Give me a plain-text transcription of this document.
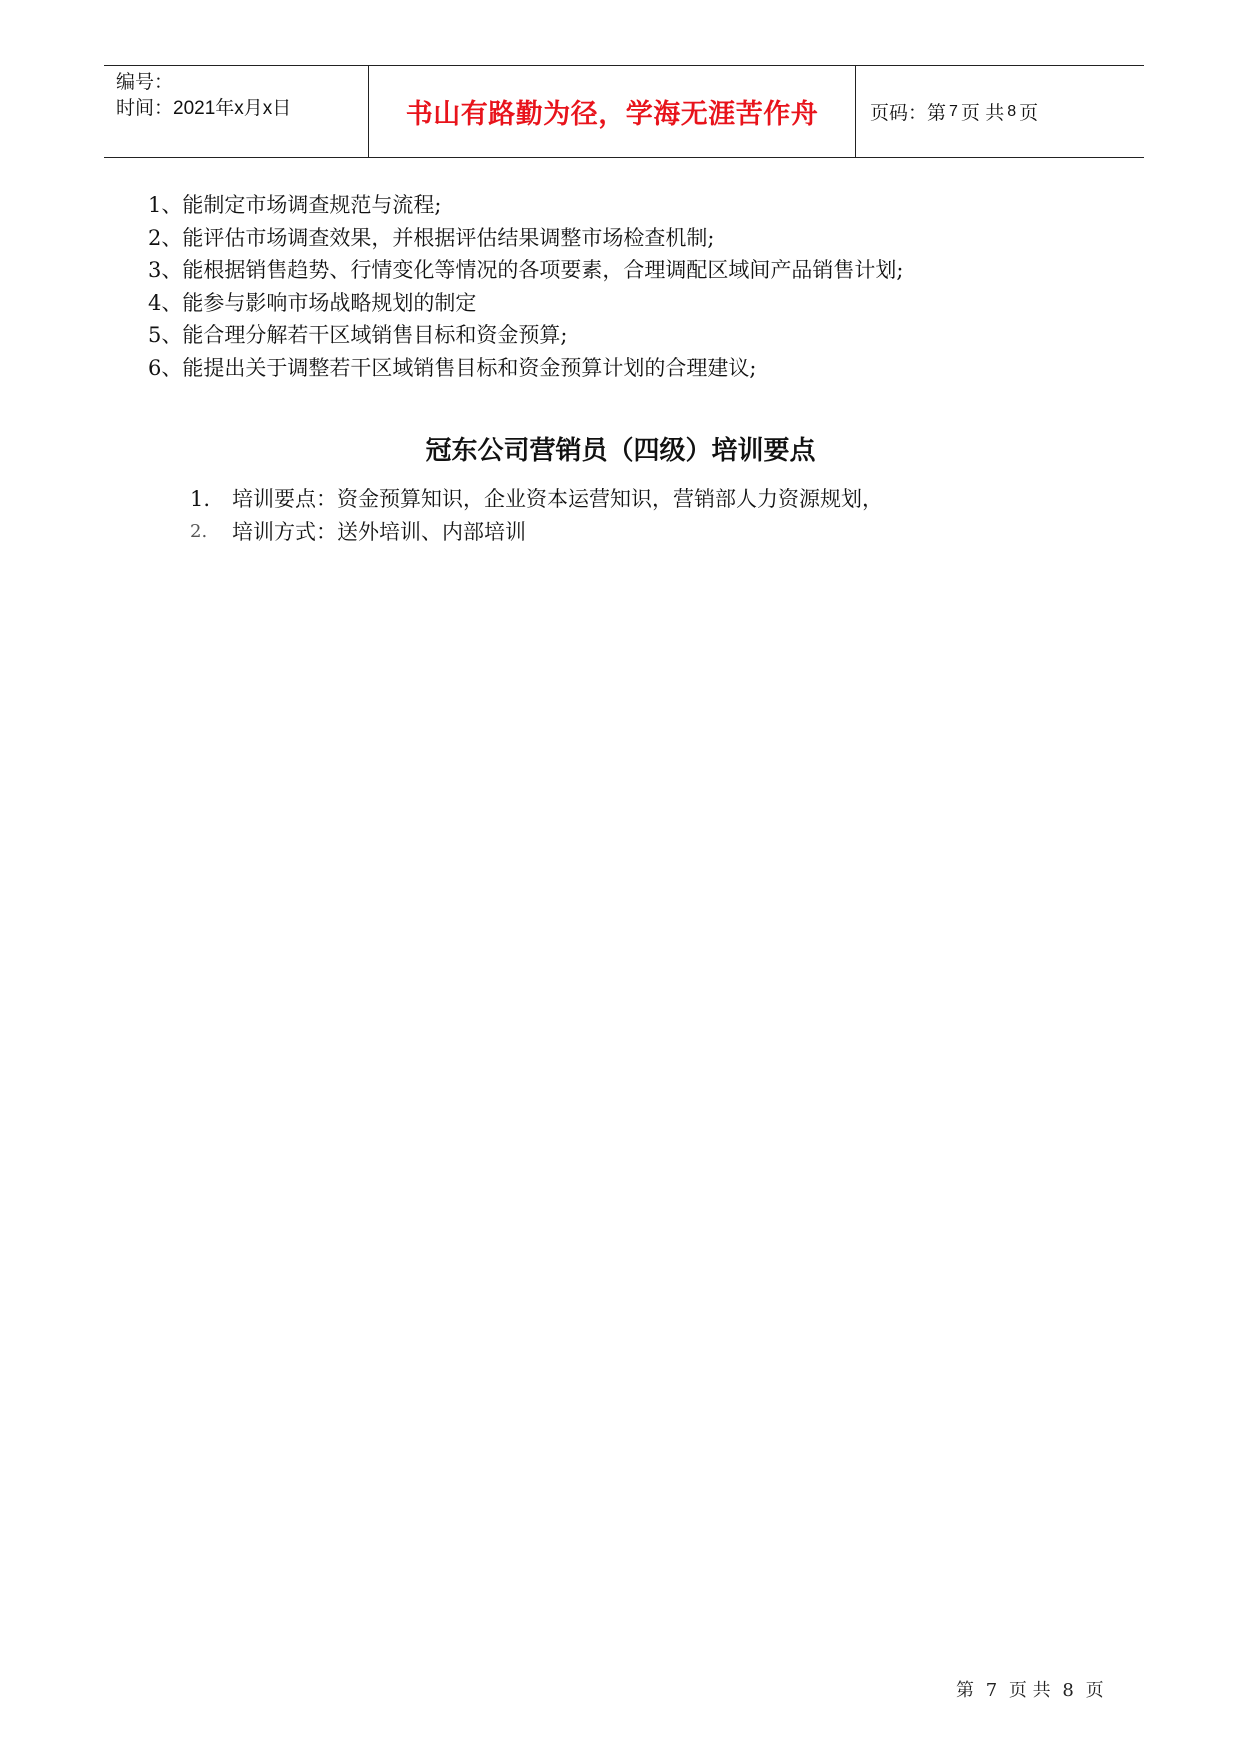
编号：
时间：2021年x月x日	书山有路勤为径，学海无涯苦作舟	页码：第 7 页 共 8 页
1、能制定市场调查规范与流程;
2、能评估市场调查效果，并根据评估结果调整市场检查机制;
3、能根据销售趋势、行情变化等情况的各项要素，合理调配区域间产品销售计划;
4、能参与影响市场战略规划的制定
5、能合理分解若干区域销售目标和资金预算;
6、能提出关于调整若干区域销售目标和资金预算计划的合理建议;
冠东公司营销员（四级）培训要点
1.	培训要点：资金预算知识，企业资本运营知识，营销部人力资源规划，
2.	培训方式：送外培训、内部培训
第 7 页 共 8 页
